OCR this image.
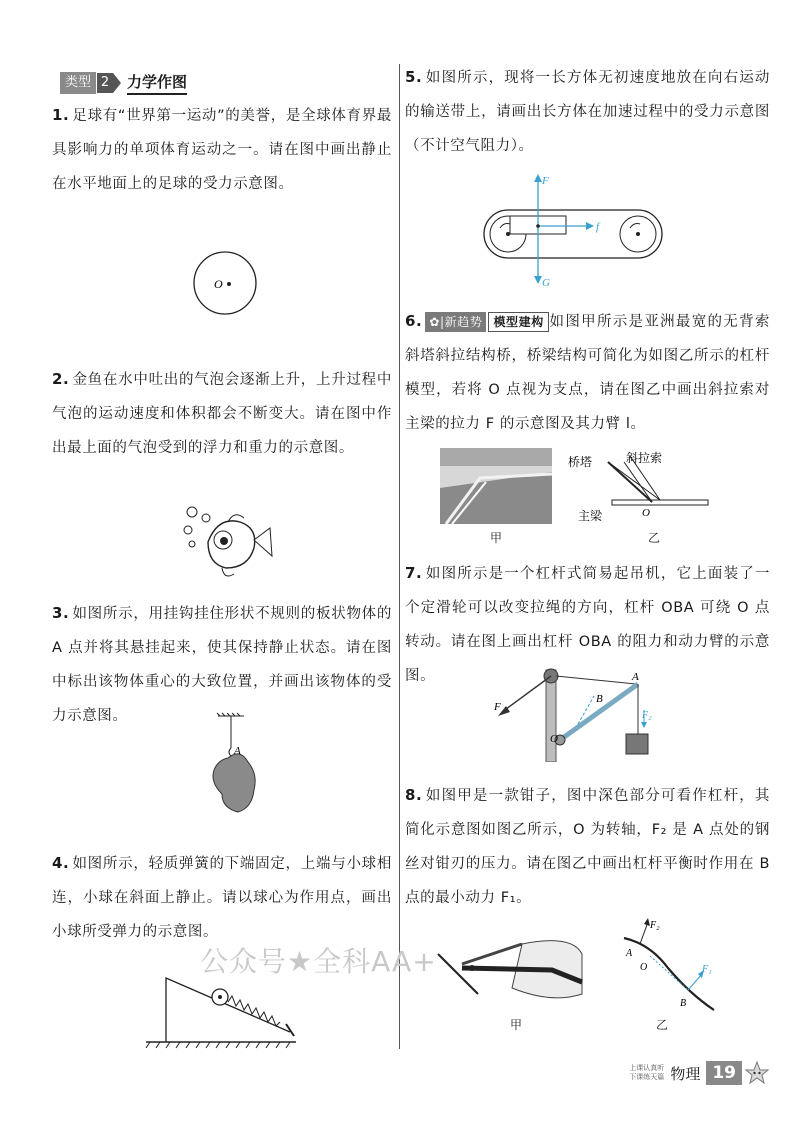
类型 2 力学作图
1. 足球有“世界第一运动”的美誉，是全球体育界最具影响力的单项体育运动之一。请在图中画出静止在水平地面上的足球的受力示意图。
O
2. 金鱼在水中吐出的气泡会逐渐上升，上升过程中气泡的运动速度和体积都会不断变大。请在图中作出最上面的气泡受到的浮力和重力的示意图。
3. 如图所示，用挂钩挂住形状不规则的板状物体的 A 点并将其悬挂起来，使其保持静止状态。请在图中标出该物体重心的大致位置，并画出该物体的受力示意图。
A
4. 如图所示，轻质弹簧的下端固定，上端与小球相连，小球在斜面上静止。请以球心为作用点，画出小球所受弹力的示意图。
公众号★全科AA+
5. 如图所示，现将一长方体无初速度地放在向右运动的输送带上，请画出长方体在加速过程中的受力示意图（不计空气阻力）。
F
f
G
6. ✿|新趋势 模型建构 如图甲所示是亚洲最宽的无背索斜塔斜拉结构桥，桥梁结构可简化为如图乙所示的杠杆模型，若将 O 点视为支点，请在图乙中画出斜拉索对主梁的拉力 F 的示意图及其力臂 l。
甲
桥塔	斜拉索
主梁	O
乙
7. 如图所示是一个杠杆式简易起吊机，它上面装了一个定滑轮可以改变拉绳的方向，杠杆 OBA 可绕 O 点转动。请在图上画出杠杆 OBA 的阻力和动力臂的示意图。
F
A
B
O
F₂
8. 如图甲是一款钳子，图中深色部分可看作杠杆，其简化示意图如图乙所示，O 为转轴，F₂ 是 A 点处的钢丝对钳刃的压力。请在图乙中画出杠杆平衡时作用在 B 点的最小动力 F₁。
甲
F₂
F₁
A
O
B
乙
上课认真听
下课练天篇 物理 19
